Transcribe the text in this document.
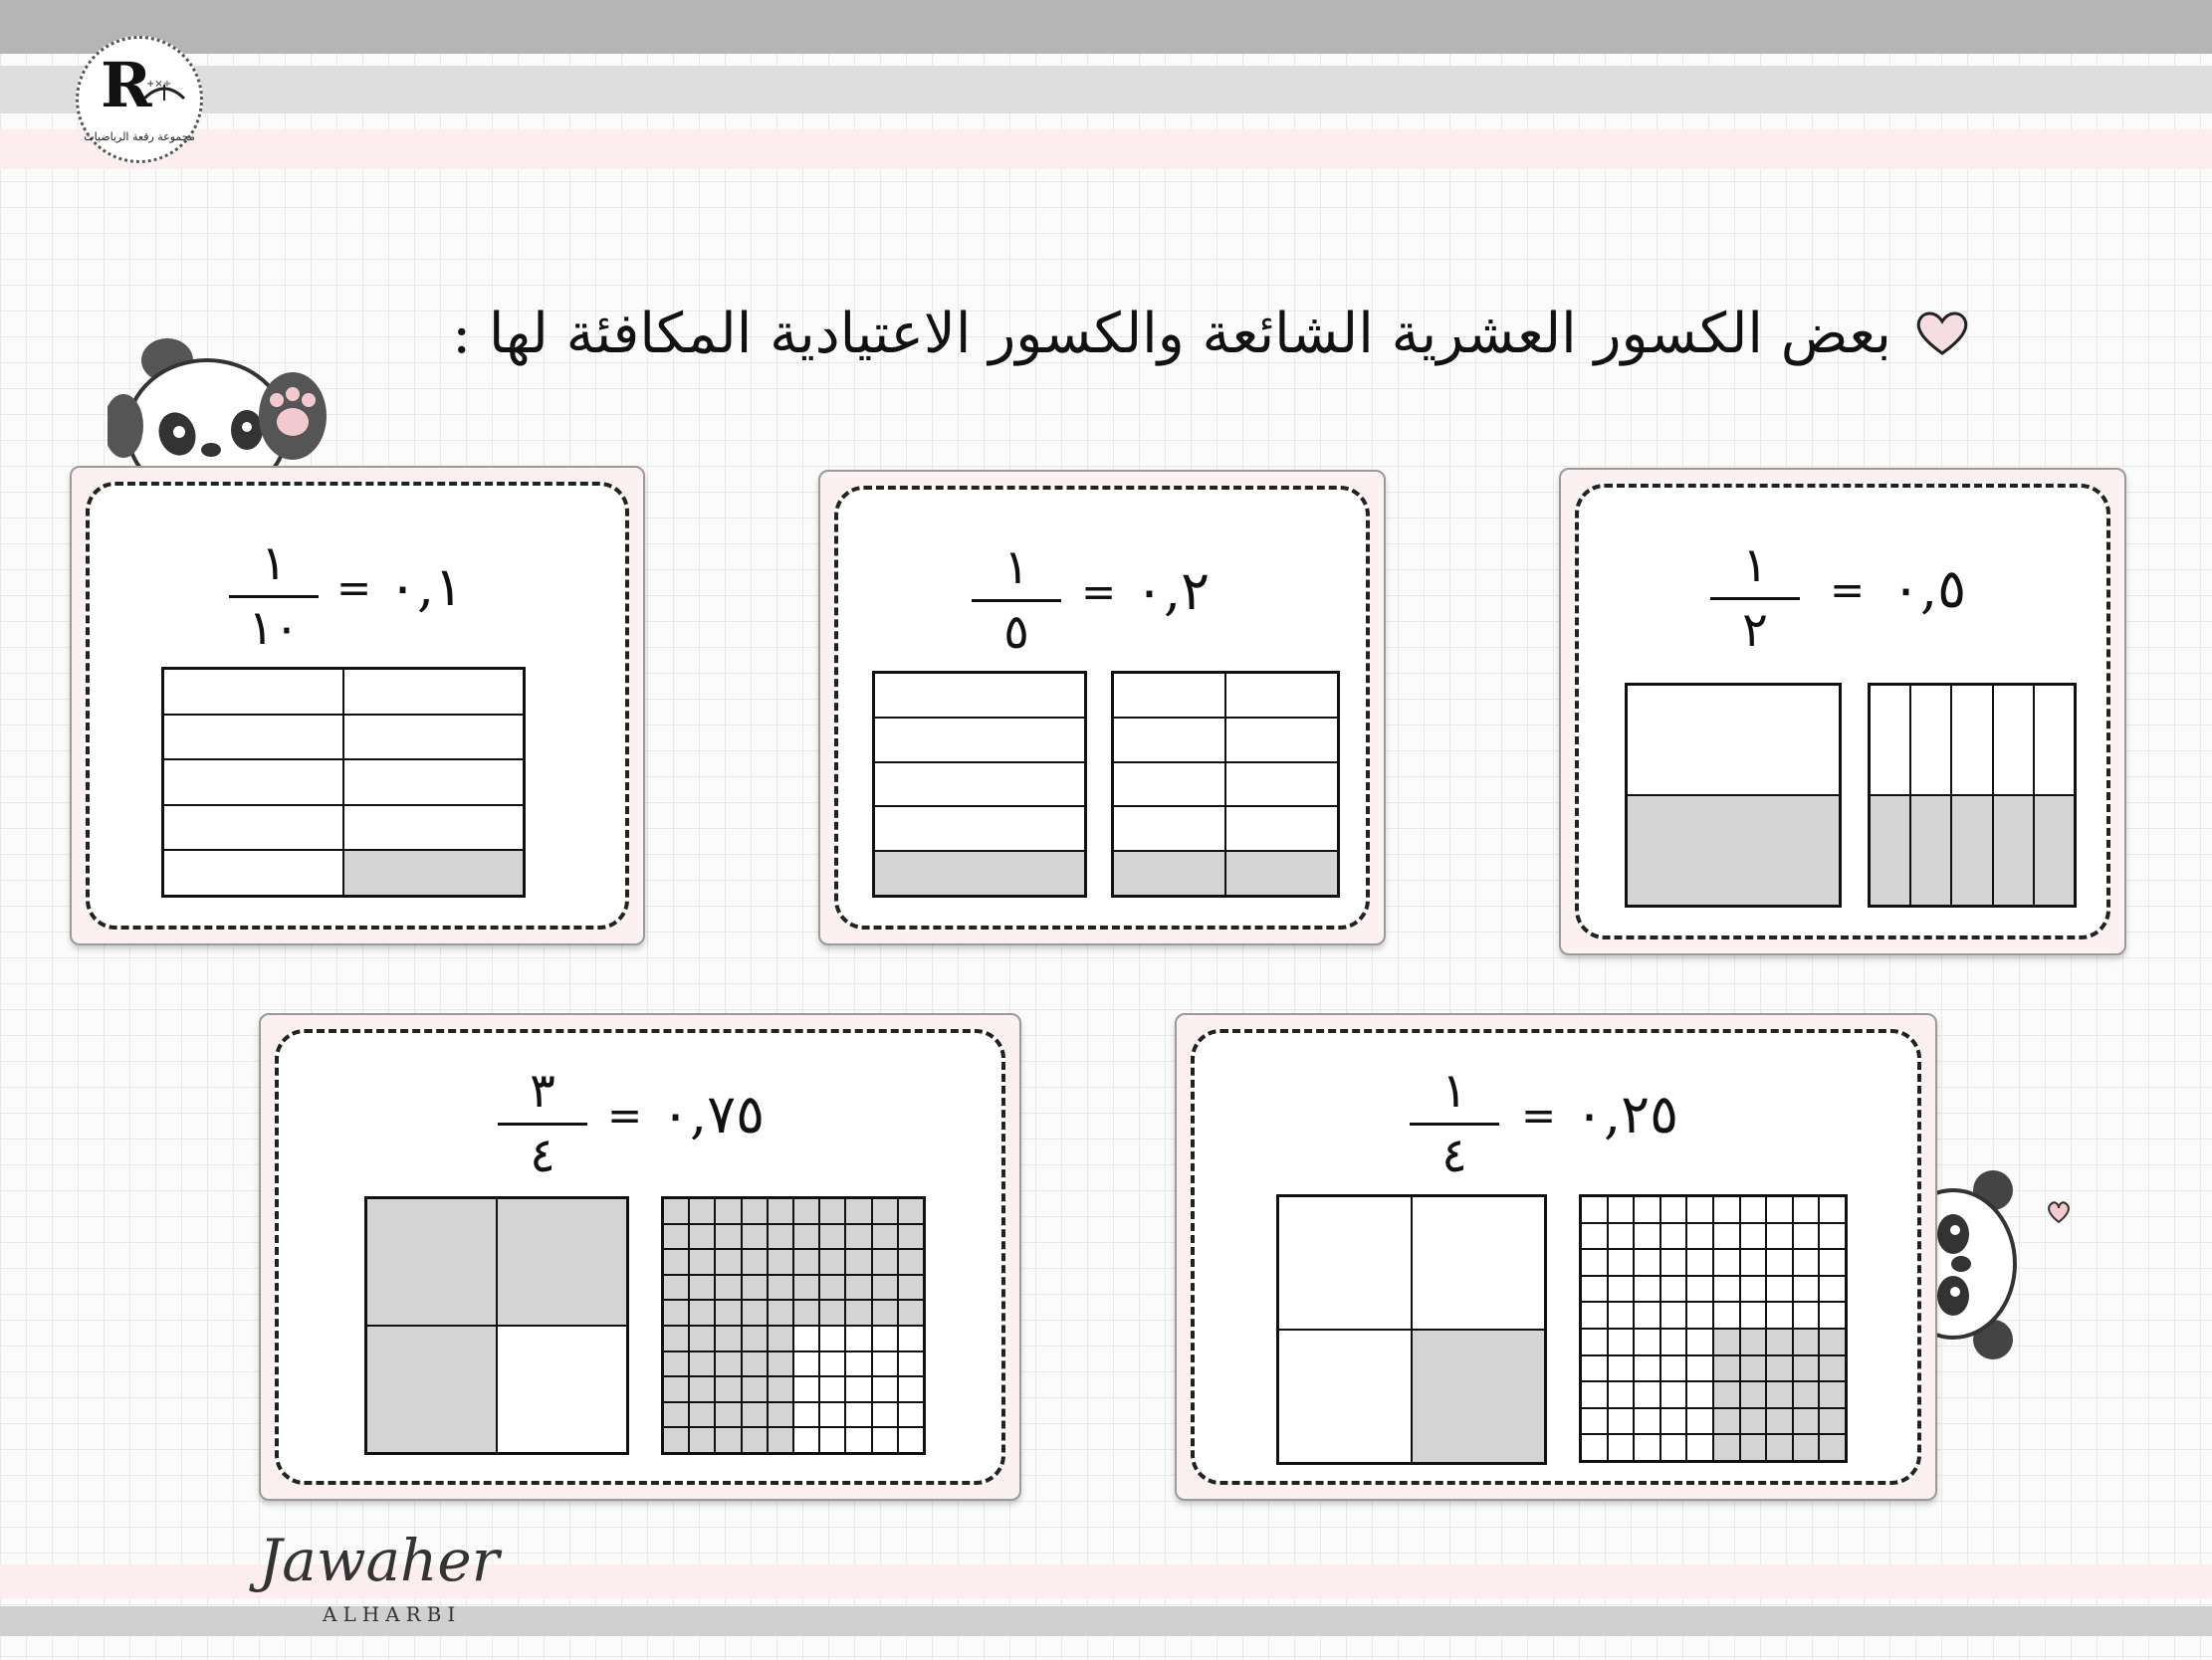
R
+×÷
مجموعة رقعة الرياضيات
بعض الكسور العشرية الشائعة والكسور الاعتيادية المكافئة لها :
١
١٠
= ٠,١	١
٥
= ٠,٢	١
٢
= ٠,٥
٣
٤
= ٠,٧٥	١
٤
= ٠,٢٥
Jawaher
ALHARBI
